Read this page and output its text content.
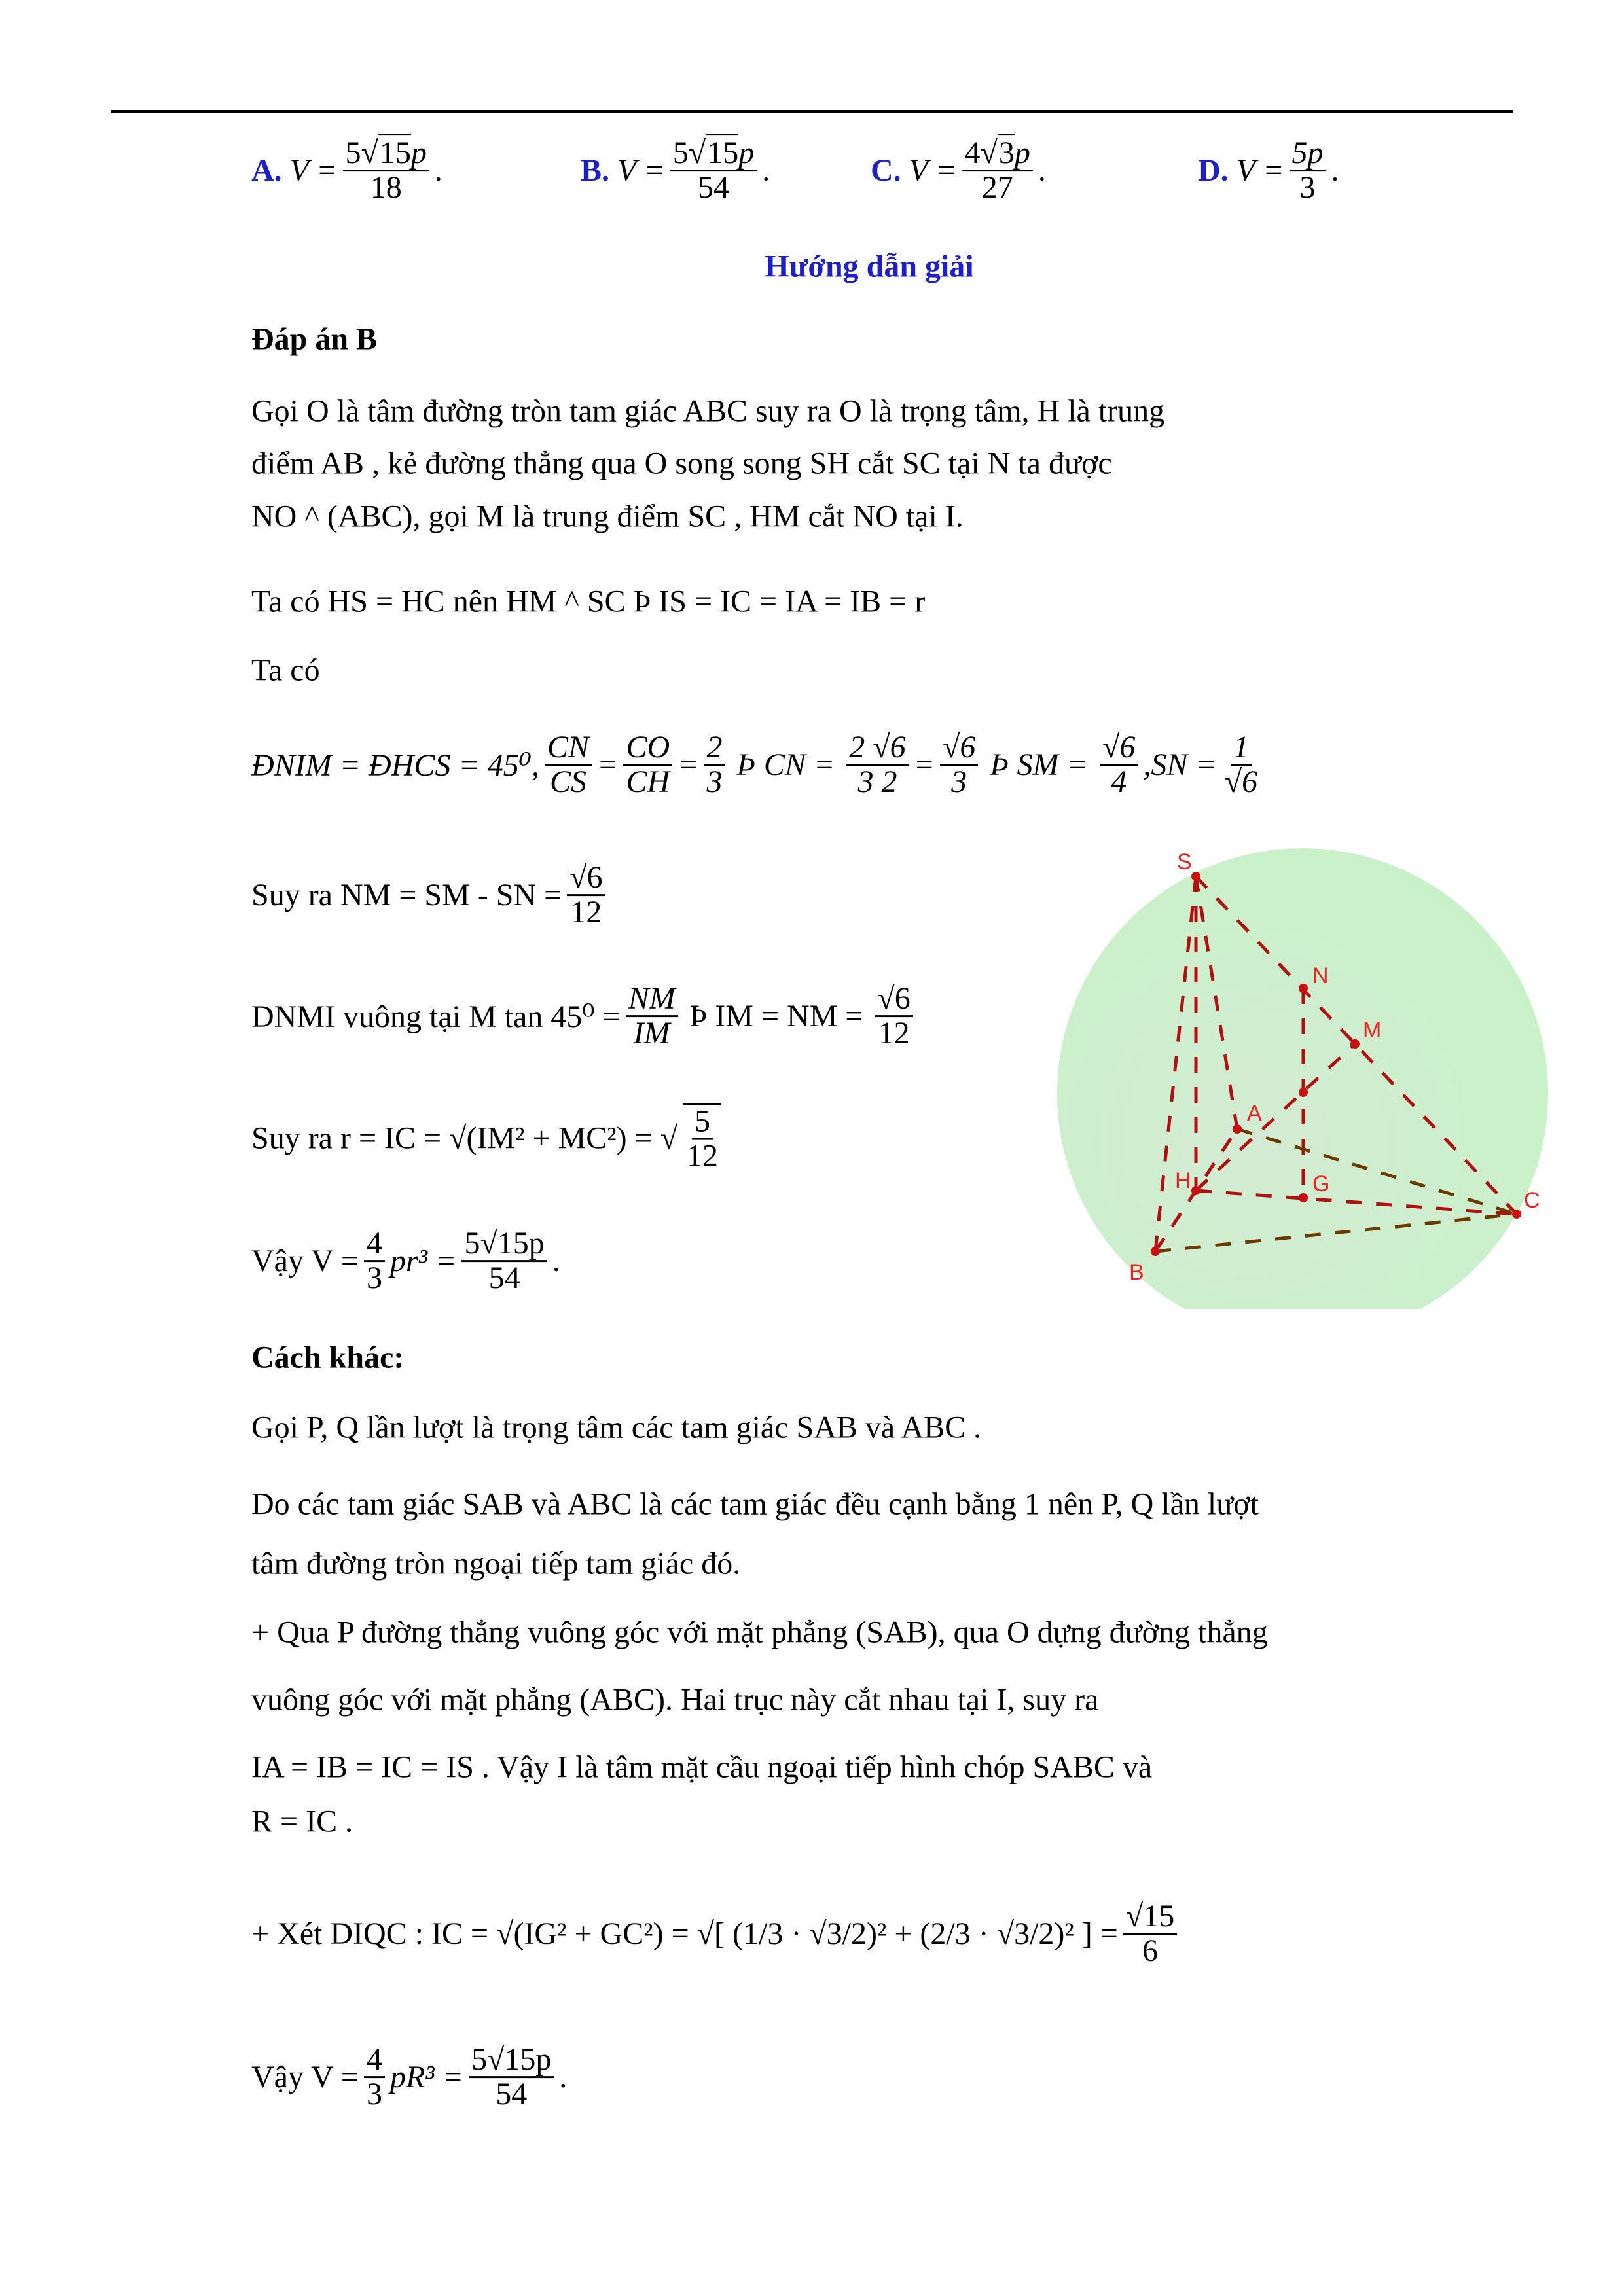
A.
$V = \frac{5√15p}{18}$ .	B.
$V = \frac{5√15p}{54}$ .	C.
$V = \frac{4√3p}{27}$ .	D.
$V = \frac{5p}{3}$ .
Hướng dẫn giải
Đáp án B
Gọi O là tâm đường tròn tam giác ABC suy ra O là trọng tâm, H là trung
điểm AB , kẻ đường thẳng qua O song song SH cắt SC tại N ta được
NO ^ (ABC), gọi M là trung điểm SC , HM cắt NO tại I.
Ta có HS = HC nên HM ^ SC Þ IS = IC = IA = IB = r
Ta có
ÐNIM = ÐHCS = 45⁰, $\frac{CN}{CS} = \frac{CO}{CH} = \frac{2}{3}$ Þ CN = $\frac{2 √6}{3 2} = \frac{√6}{3}$ Þ SM = $\frac{√6}{4} ,SN = \frac{1}{√6}$
Suy ra NM = SM - SN = $\frac{√6}{12}$
DNMI vuông tại M $\tan 45^0 = \frac{NM}{IM}$ Þ IM = NM = $\frac{√6}{12}$
Suy ra r = IC = √(IM² + MC²) = √ $\frac{5}{12}$
Vậy $V = \frac{4}{3} pr^3 = \frac{5√15p}{54}$ .
Cách khác:
Gọi P, Q lần lượt là trọng tâm các tam giác SAB và ABC .
Do các tam giác SAB và ABC là các tam giác đều cạnh bằng 1 nên P, Q lần lượt
tâm đường tròn ngoại tiếp tam giác đó.
+ Qua P đường thẳng vuông góc với mặt phẳng (SAB), qua O dựng đường thẳng
vuông góc với mặt phẳng (ABC). Hai trục này cắt nhau tại I, suy ra
IA = IB = IC = IS . Vậy I là tâm mặt cầu ngoại tiếp hình chóp SABC và
R = IC .
+ Xét DIQC : IC = √(IG² + GC²) = √[ (1/3 · √3/2)² + (2/3 · √3/2)² ] = $\frac{√15}{6}$
Vậy $V = \frac{4}{3} pR^3 = \frac{5√15p}{54}$ .
S
N
M
A
H	G
B
C
